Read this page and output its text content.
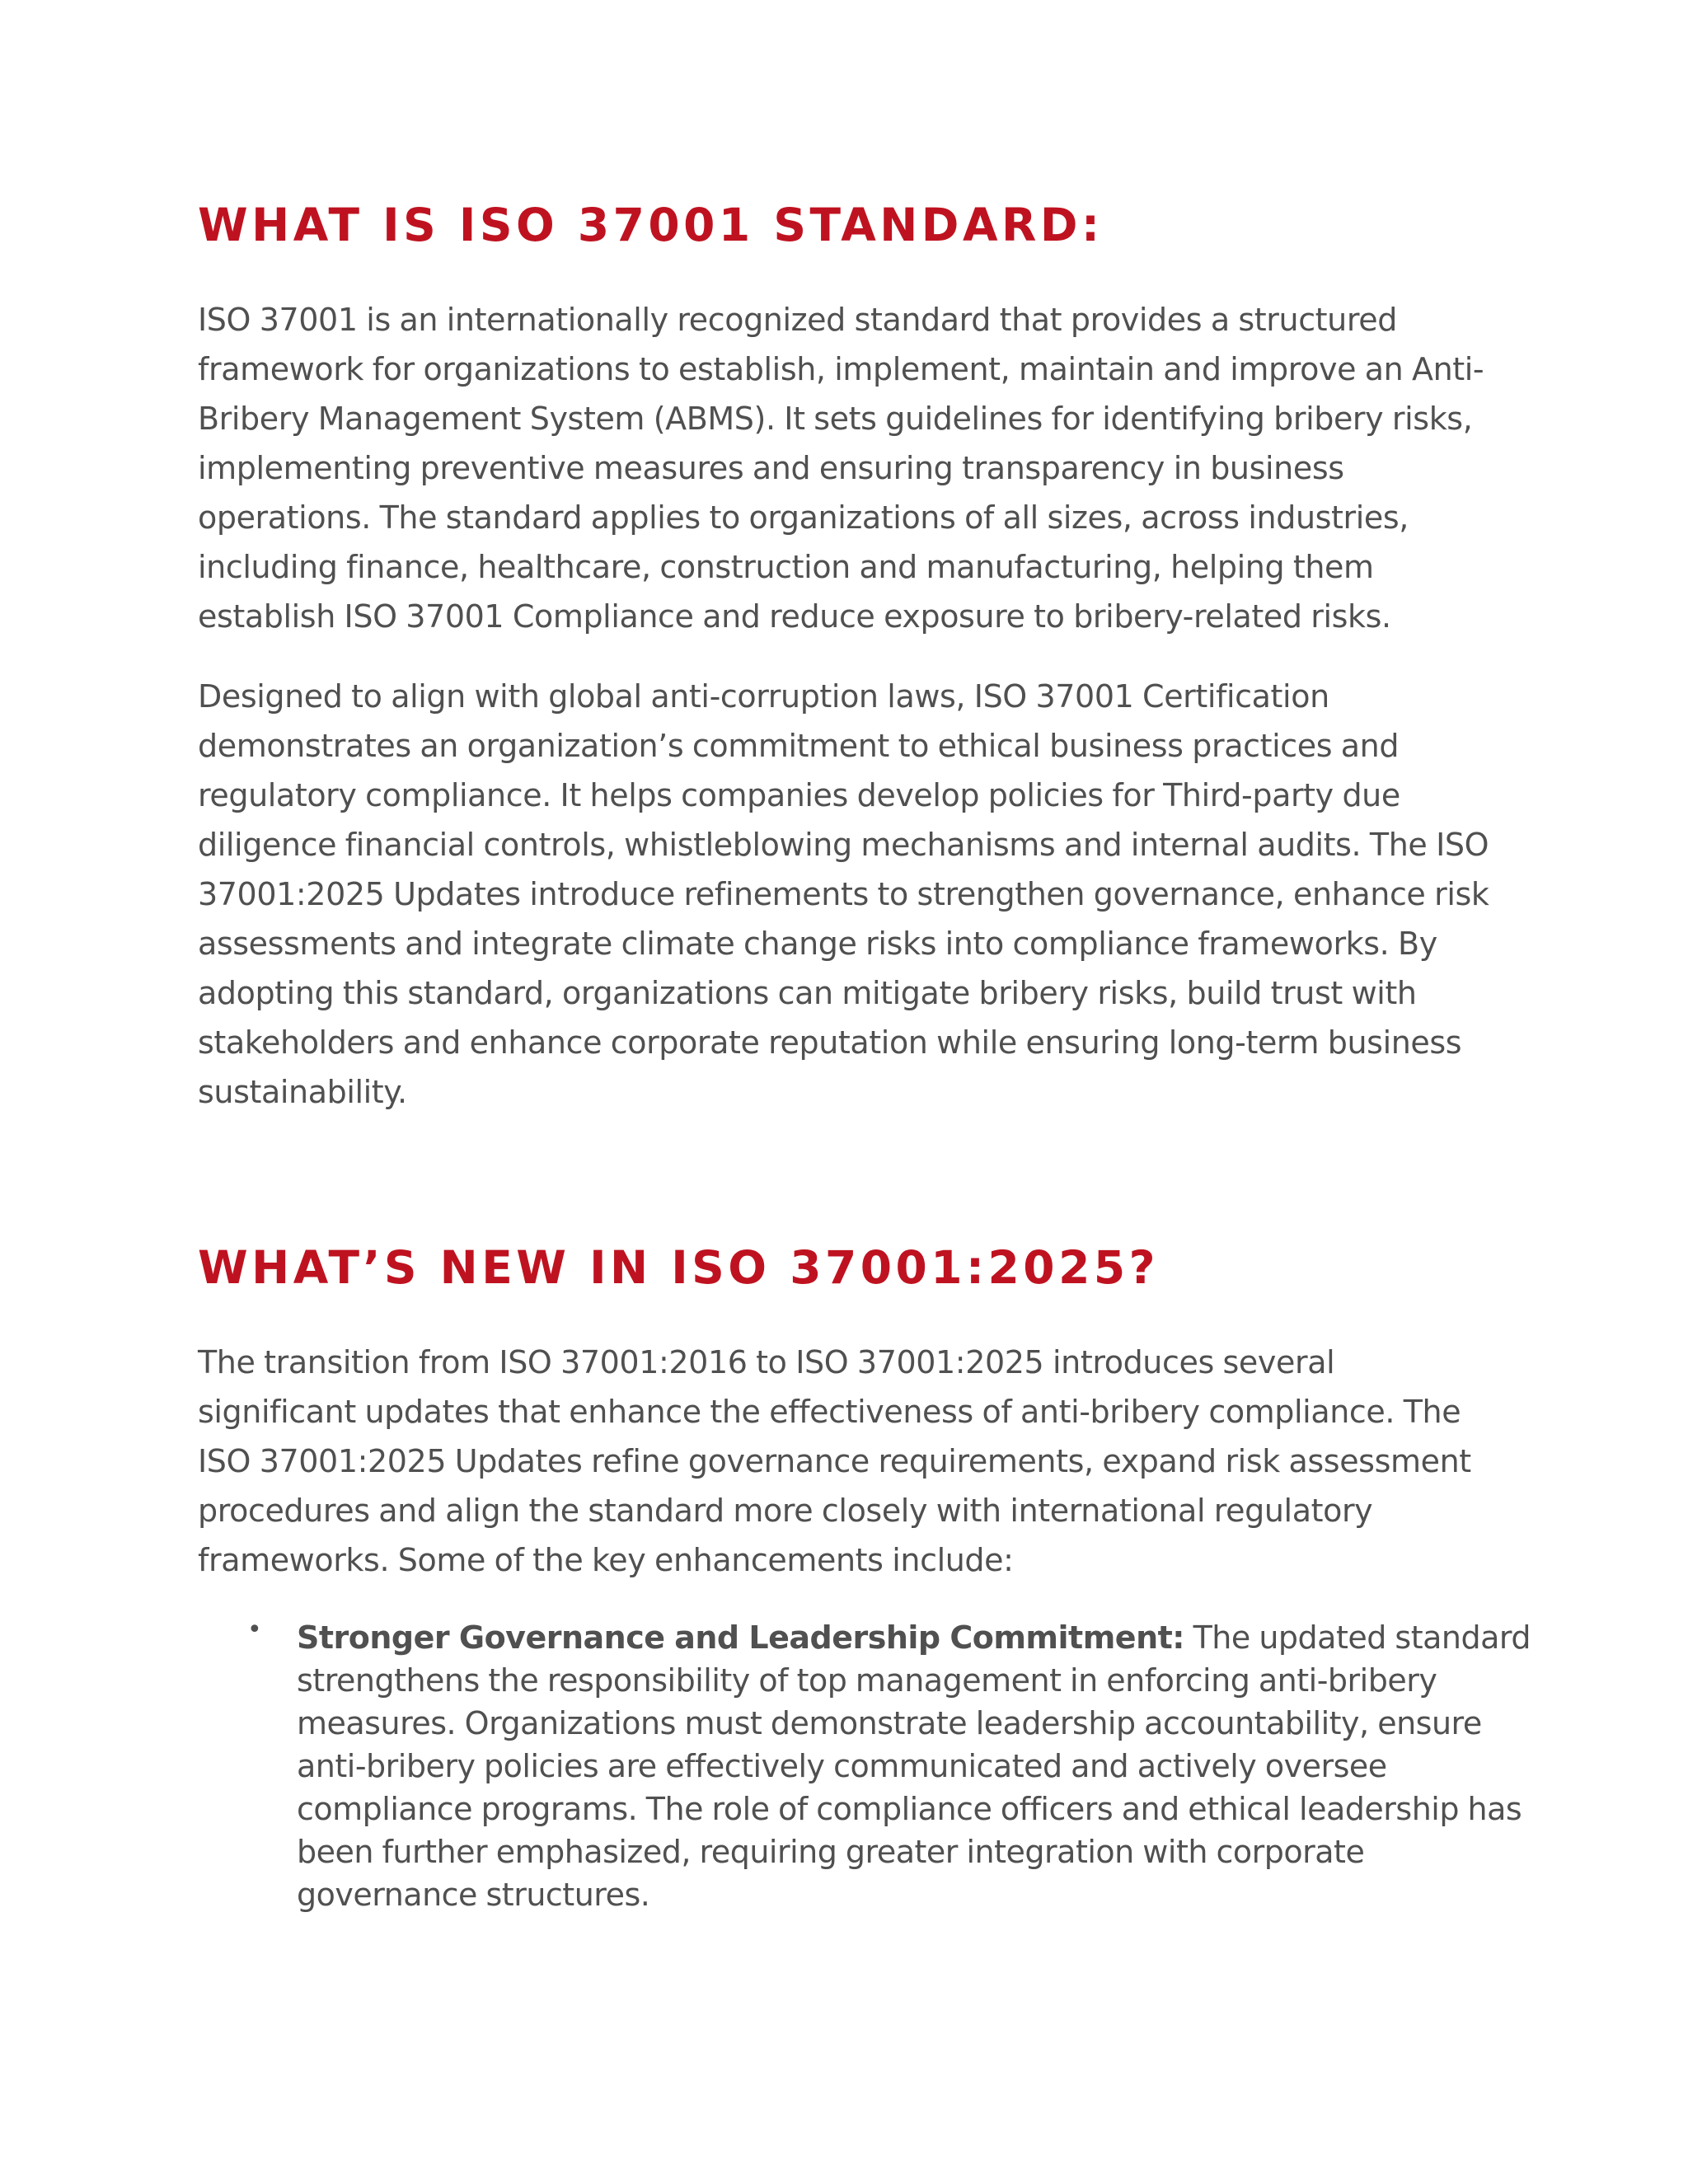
WHAT IS ISO 37001 STANDARD:

ISO 37001 is an internationally recognized standard that provides a structured framework for organizations to establish, implement, maintain and improve an Anti-Bribery Management System (ABMS). It sets guidelines for identifying bribery risks, implementing preventive measures and ensuring transparency in business operations. The standard applies to organizations of all sizes, across industries, including finance, healthcare, construction and manufacturing, helping them establish ISO 37001 Compliance and reduce exposure to bribery-related risks.

Designed to align with global anti-corruption laws, ISO 37001 Certification demonstrates an organization’s commitment to ethical business practices and regulatory compliance. It helps companies develop policies for Third-party due diligence financial controls, whistleblowing mechanisms and internal audits. The ISO 37001:2025 Updates introduce refinements to strengthen governance, enhance risk assessments and integrate climate change risks into compliance frameworks. By adopting this standard, organizations can mitigate bribery risks, build trust with stakeholders and enhance corporate reputation while ensuring long-term business sustainability.

WHAT’S NEW IN ISO 37001:2025?

The transition from ISO 37001:2016 to ISO 37001:2025 introduces several significant updates that enhance the effectiveness of anti-bribery compliance. The ISO 37001:2025 Updates refine governance requirements, expand risk assessment procedures and align the standard more closely with international regulatory frameworks. Some of the key enhancements include:

• Stronger Governance and Leadership Commitment: The updated standard strengthens the responsibility of top management in enforcing anti-bribery measures. Organizations must demonstrate leadership accountability, ensure anti-bribery policies are effectively communicated and actively oversee compliance programs. The role of compliance officers and ethical leadership has been further emphasized, requiring greater integration with corporate governance structures.
